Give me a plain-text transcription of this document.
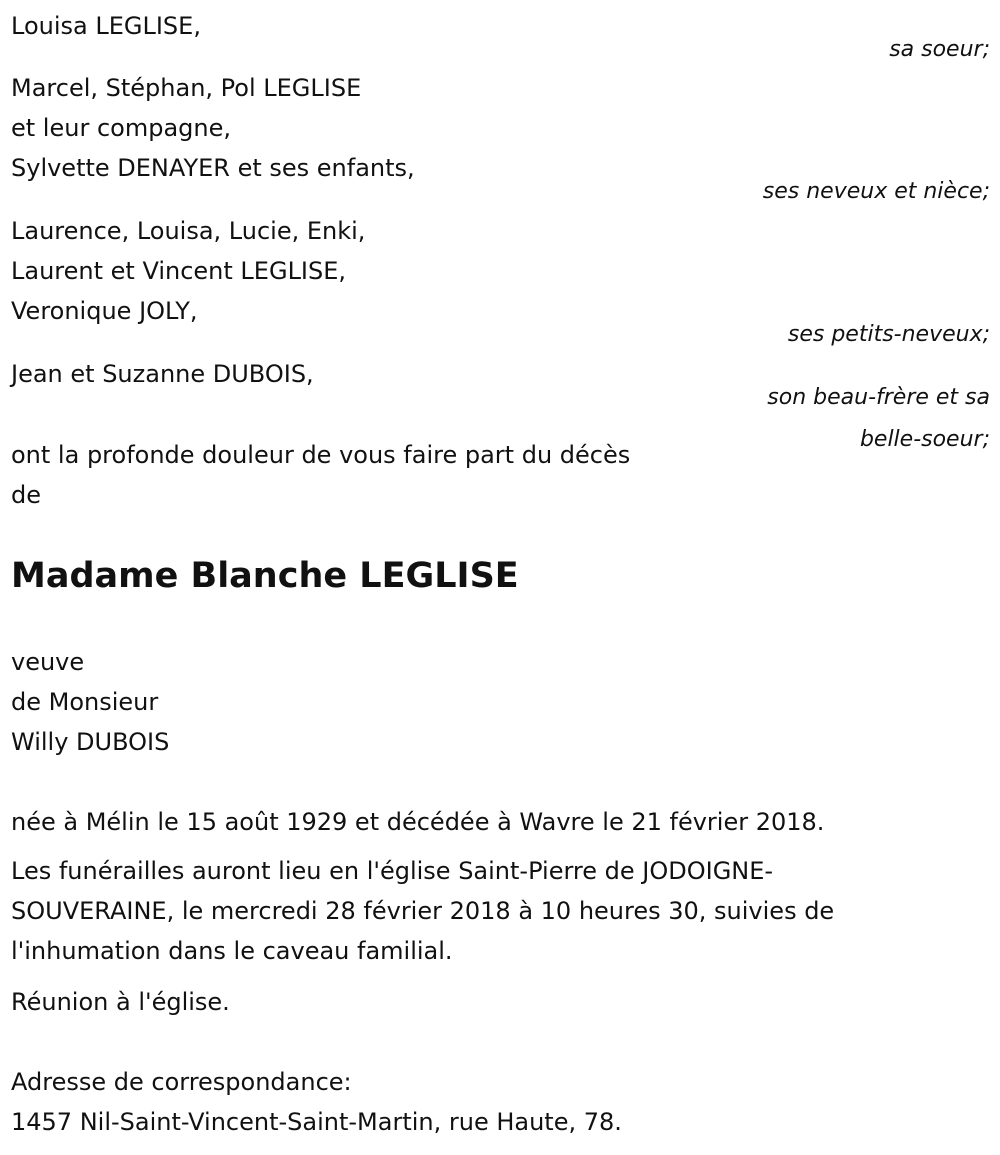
Louisa LEGLISE,
sa soeur;
Marcel, Stéphan, Pol LEGLISE
et leur compagne,
Sylvette DENAYER et ses enfants,
ses neveux et nièce;
Laurence, Louisa, Lucie, Enki,
Laurent et Vincent LEGLISE,
Veronique JOLY,
ses petits-neveux;
Jean et Suzanne DUBOIS,
son beau-frère et sa
belle-soeur;
ont la profonde douleur de vous faire part du décès
de
Madame Blanche LEGLISE
veuve
de Monsieur
Willy DUBOIS
née à Mélin le 15 août 1929 et décédée à Wavre le 21 février 2018.
Les funérailles auront lieu en l'église Saint-Pierre de JODOIGNE-
SOUVERAINE, le mercredi 28 février 2018 à 10 heures 30, suivies de
l'inhumation dans le caveau familial.
Réunion à l'église.
Adresse de correspondance:
1457 Nil-Saint-Vincent-Saint-Martin, rue Haute, 78.
